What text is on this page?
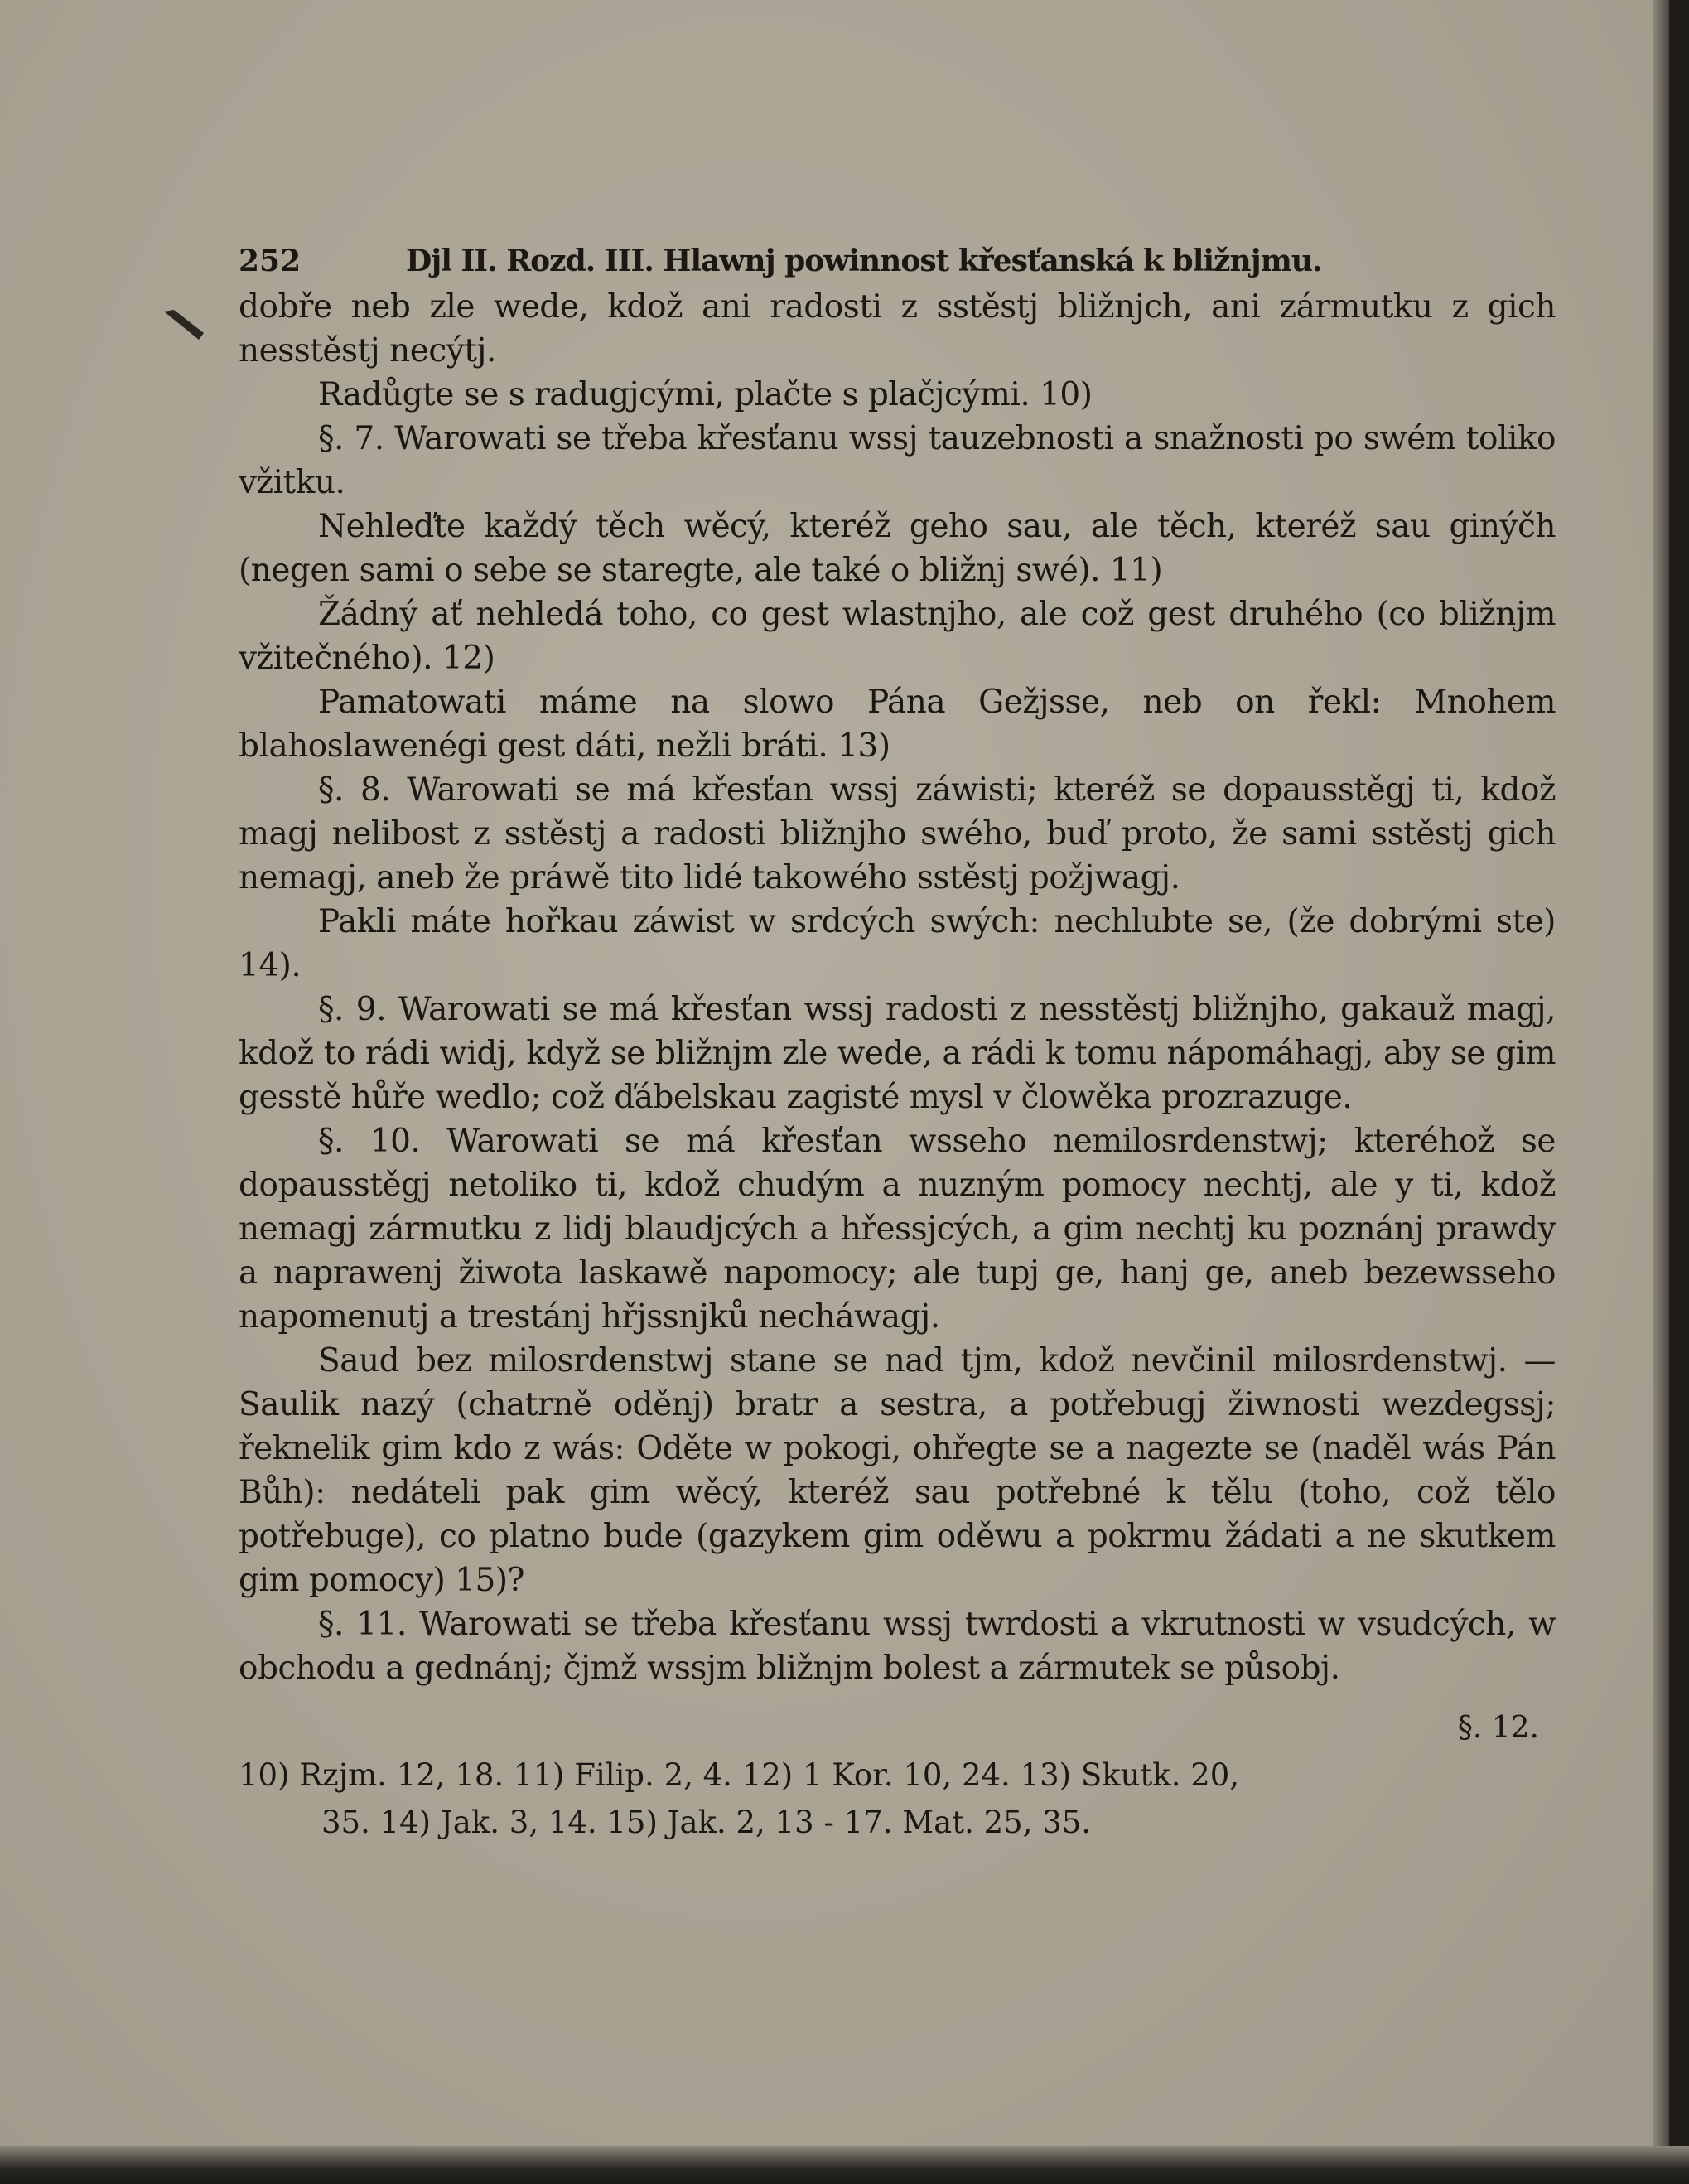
252	Djl II. Rozd. III. Hlawnj powinnost křesťanská k bližnjmu.

dobře neb zle wede, kdož ani radosti z sstěstj bližnjch, ani zármutku z gich nesstěstj necýtj.

Radůgte se s radugjcými, plačte s plačjcými. 10)

§. 7. Warowati se třeba křesťanu wssj tauzebnosti a snažnosti po swém toliko vžitku.

Nehleďte každý těch wěcý, kteréž geho sau, ale těch, kteréž sau ginýčh (negen sami o sebe se staregte, ale také o bližnj swé). 11)

Žádný ať nehledá toho, co gest wlastnjho, ale což gest druhého (co bližnjm vžitečného). 12)

Pamatowati máme na slowo Pána Gežjsse, neb on řekl: Mnohem blahoslawenégi gest dáti, nežli bráti. 13)

§. 8. Warowati se má křesťan wssj záwisti; kteréž se dopausstěgj ti, kdož magj nelibost z sstěstj a radosti bližnjho swého, buď proto, že sami sstěstj gich nemagj, aneb že práwě tito lidé takowého sstěstj požjwagj.

Pakli máte hořkau záwist w srdcých swých: nechlubte se, (že dobrými ste) 14).

§. 9. Warowati se má křesťan wssj radosti z nesstěstj bližnjho, gakauž magj, kdož to rádi widj, když se bližnjm zle wede, a rádi k tomu nápomáhagj, aby se gim gesstě hůře wedlo; což ďábelskau zagisté mysl v člowěka prozrazuge.

§. 10. Warowati se má křesťan wsseho nemilosrdenstwj; kteréhož se dopausstěgj netoliko ti, kdož chudým a nuzným pomocy nechtj, ale y ti, kdož nemagj zármutku z lidj blaudjcých a hřessjcých, a gim nechtj ku poznánj prawdy a naprawenj žiwota laskawě napomocy; ale tupj ge, hanj ge, aneb bezewsseho napomenutj a trestánj hřjssnjků necháwagj.

Saud bez milosrdenstwj stane se nad tjm, kdož nevčinil milosrdenstwj. — Saulik nazý (chatrně oděnj) bratr a sestra, a potřebugj žiwnosti wezdegssj; řeknelik gim kdo z wás: Oděte w pokogi, ohřegte se a nagezte se (naděl wás Pán Bůh): nedáteli pak gim wěcý, kteréž sau potřebné k tělu (toho, což tělo potřebuge), co platno bude (gazykem gim oděwu a pokrmu žádati a ne skutkem gim pomocy) 15)?

§. 11. Warowati se třeba křesťanu wssj twrdosti a vkrutnosti w vsudcých, w obchodu a gednánj; čjmž wssjm bližnjm bolest a zármutek se působj.

§. 12.
10) Rzjm. 12, 18. 11) Filip. 2, 4. 12) 1 Kor. 10, 24. 13) Skutk. 20,
35. 14) Jak. 3, 14. 15) Jak. 2, 13 - 17. Mat. 25, 35.
